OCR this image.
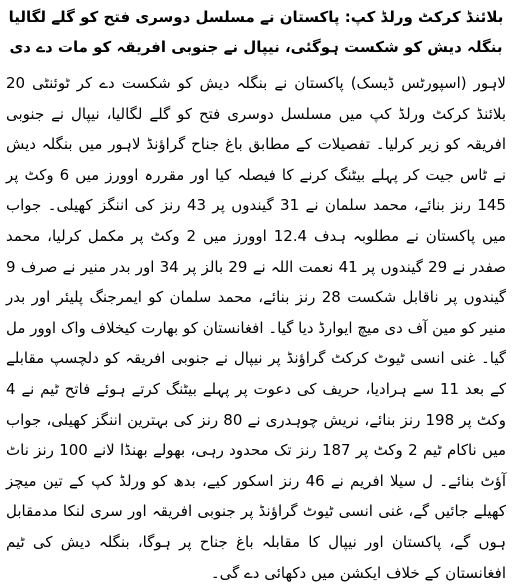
بلائنڈ کرکٹ ورلڈ کپ: پاکستان نے مسلسل دوسری فتح کو گلے لگالیا
بنگلہ دیش کو شکست ہوگئی، نیپال نے جنوبی افریقہ کو مات دے دی

لاہور (اسپورٹس ڈیسک) پاکستان نے بنگلہ دیش کو شکست دے کر ٹوئنٹی 20 بلائنڈ کرکٹ ورلڈ کپ میں مسلسل دوسری فتح کو گلے لگالیا، نیپال نے جنوبی افریقہ کو زیر کرلیا۔ تفصیلات کے مطابق باغ جناح گراؤنڈ لاہور میں بنگلہ دیش نے ٹاس جیت کر پہلے بیٹنگ کرنے کا فیصلہ کیا اور مقررہ اوورز میں 6 وکٹ پر 145 رنز بنائے، محمد سلمان نے 31 گیندوں پر 43 رنز کی اننگز کھیلی۔ جواب میں پاکستان نے مطلوبہ ہدف 12.4 اوورز میں 2 وکٹ پر مکمل کرلیا، محمد صفدر نے 29 گیندوں پر 41 نعمت اللہ نے 29 بالز پر 34 اور بدر منیر نے صرف 9 گیندوں پر ناقابل شکست 28 رنز بنائے، محمد سلمان کو ایمرجنگ پلیئر اور بدر منیر کو مین آف دی میچ ایوارڈ دیا گیا۔ افغانستان کو بھارت کیخلاف واک اوور مل گیا۔ غنی انسی ٹیوٹ کرکٹ گراؤنڈ پر نیپال نے جنوبی افریقہ کو دلچسپ مقابلے کے بعد 11 سے ہرادیا، حریف کی دعوت پر پہلے بیٹنگ کرتے ہوئے فاتح ٹیم نے 4 وکٹ پر 198 رنز بنائے، نریش چوہدری نے 80 رنز کی بہترین اننگز کھیلی، جواب میں ناکام ٹیم 2 وکٹ پر 187 رنز تک محدود رہی، بھولے بھنڈا لانے 100 رنز ناٹ آؤٹ بنائے۔ ل سیلا افریم نے 46 رنز اسکور کیے، بدھ کو ورلڈ کپ کے تین میچز کھیلے جائیں گے، غنی انسی ٹیوٹ گراؤنڈ پر جنوبی افریقہ اور سری لنکا مدمقابل ہوں گے، پاکستان اور نیپال کا مقابلہ باغ جناح پر ہوگا، بنگلہ دیش کی ٹیم افغانستان کے خلاف ایکشن میں دکھائی دے گی۔
